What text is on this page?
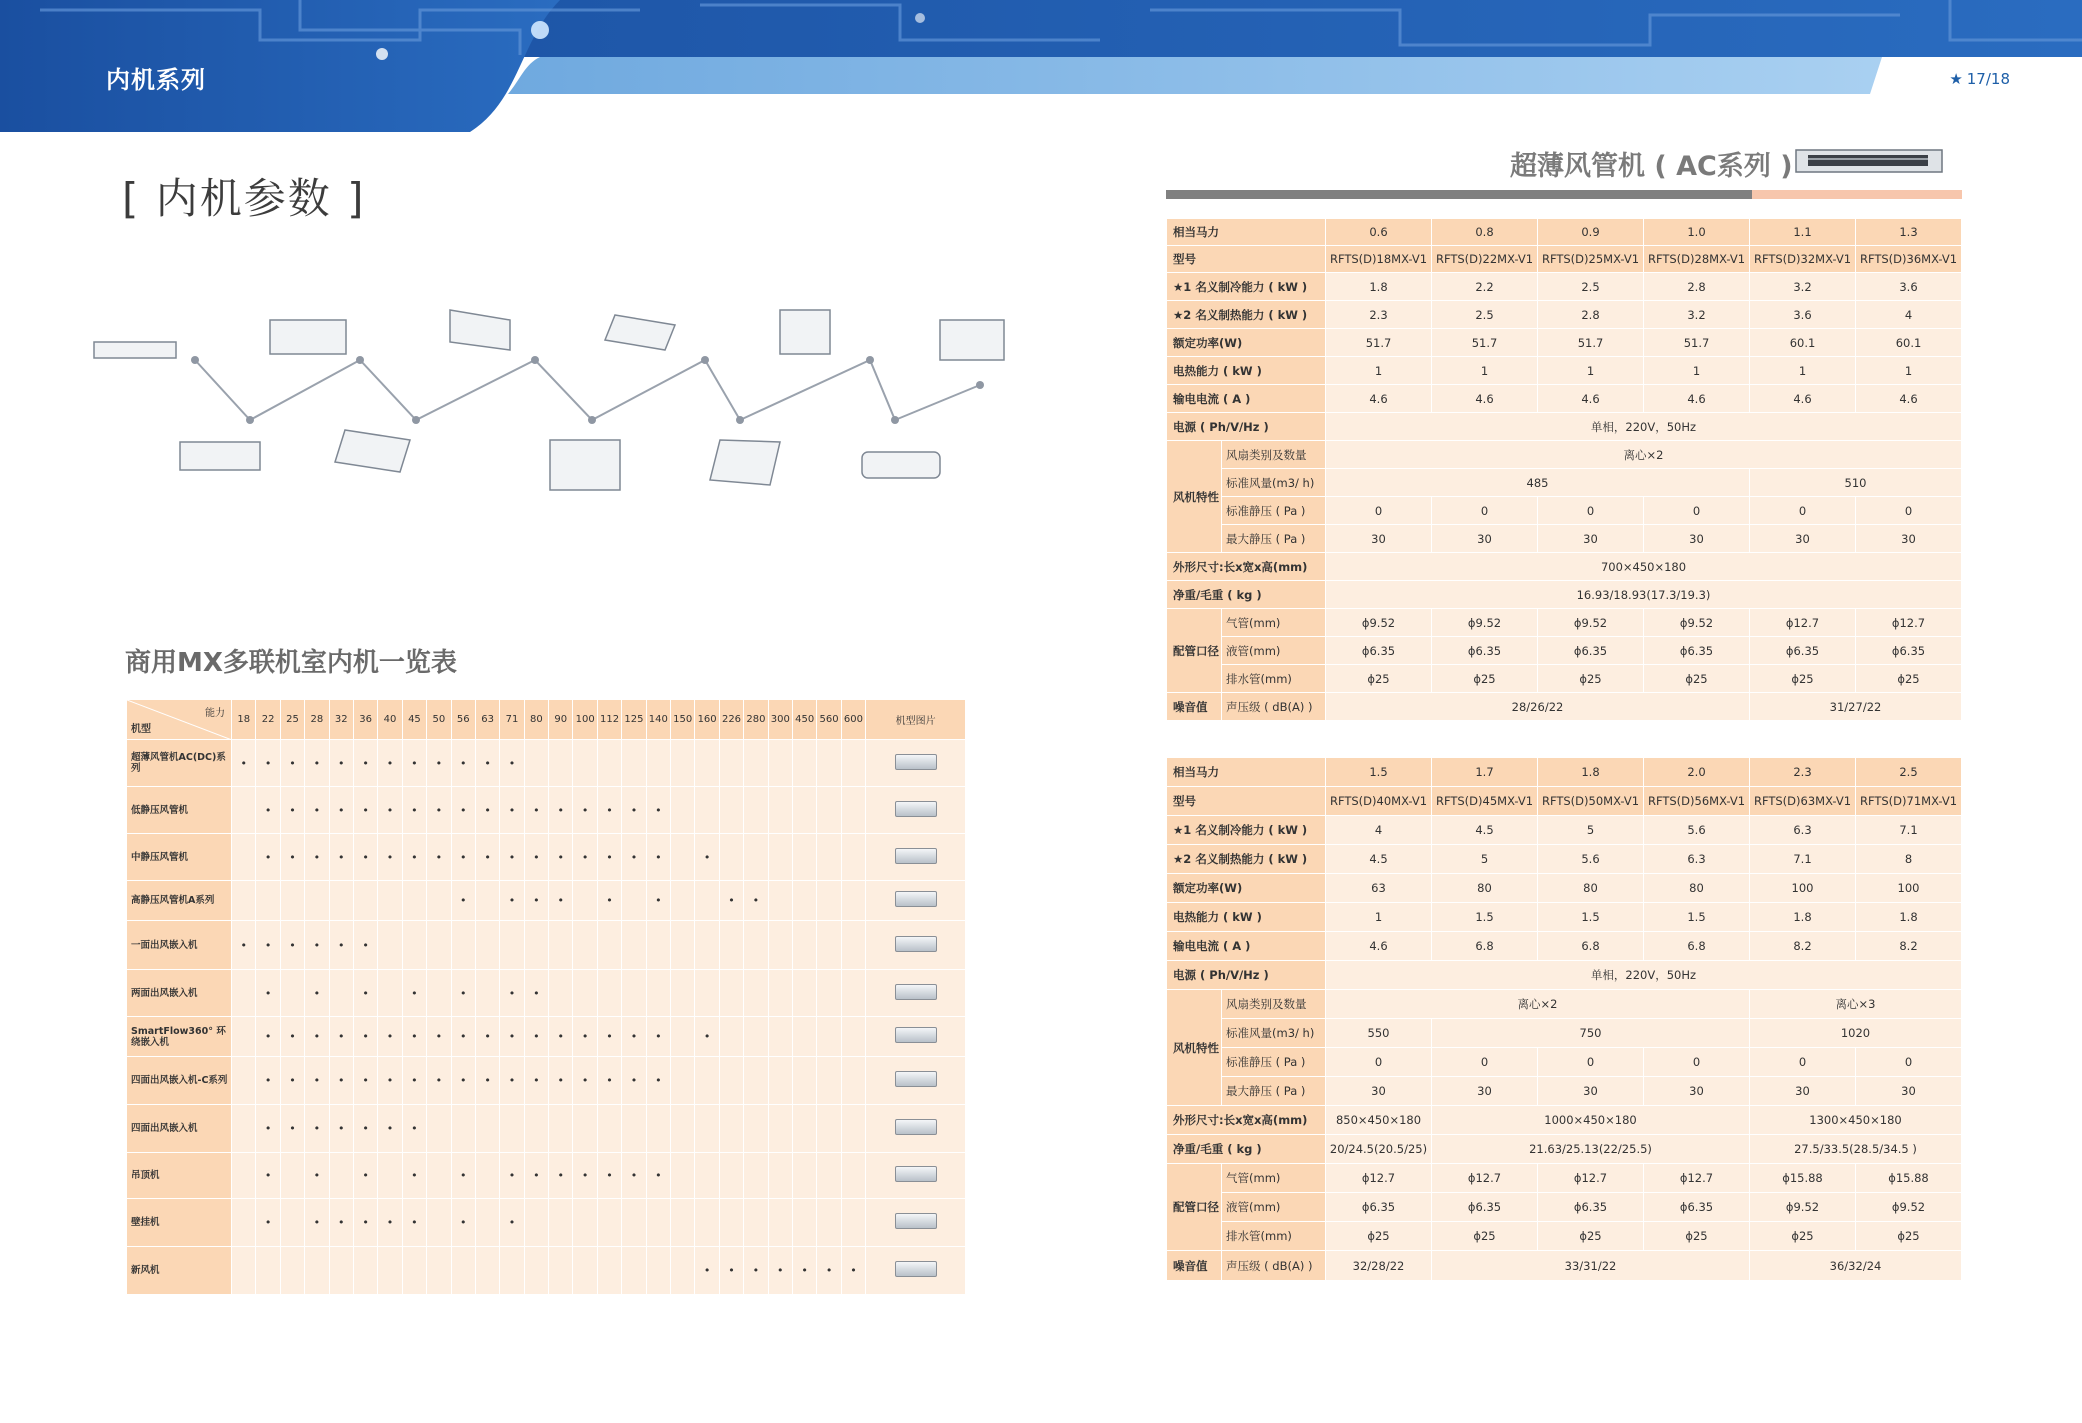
内机系列	★ 17/18
[ 内机参数 ]
商用MX多联机室内机一览表
能力
机型	18	22	25	28	32	36	40	45	50	56	63	71	80	90	100	112	125	140	150	160	226	280	300	450	560	600	机型图片
超薄风管机AC(DC)系列	•	•	•	•	•	•	•	•	•	•	•	•															
低静压风管机		•	•	•	•	•	•	•	•	•	•	•	•	•	•	•	•	•									
中静压风管机		•	•	•	•	•	•	•	•	•	•	•	•	•	•	•	•	•		•							
高静压风管机A系列										•		•	•	•		•		•			•	•					
一面出风嵌入机	•	•	•	•	•	•																					
两面出风嵌入机		•		•		•		•		•		•	•														
SmartFlow360° 环绕嵌入机		•	•	•	•	•	•	•	•	•	•	•	•	•	•	•	•	•		•							
四面出风嵌入机-C系列		•	•	•	•	•	•	•	•	•	•	•	•	•	•	•	•	•									
四面出风嵌入机		•	•	•	•	•	•	•																			
吊顶机		•		•		•		•		•		•	•	•	•	•	•	•									
壁挂机		•		•	•	•	•	•		•		•															
新风机																				•	•	•	•	•	•	•	
超薄风管机 ( AC系列 )
相当马力		0.6	0.8	0.9	1.0	1.1	1.3
型号		RFTS(D)18MX-V1	RFTS(D)22MX-V1	RFTS(D)25MX-V1	RFTS(D)28MX-V1	RFTS(D)32MX-V1	RFTS(D)36MX-V1
★1 名义制冷能力 ( kW )		1.8	2.2	2.5	2.8	3.2	3.6
★2 名义制热能力 ( kW )		2.3	2.5	2.8	3.2	3.6	4
额定功率(W)		51.7	51.7	51.7	51.7	60.1	60.1
电热能力 ( kW )		1	1	1	1	1	1
输电电流 ( A )		4.6	4.6	4.6	4.6	4.6	4.6
电源 ( Ph/V/Hz )		单相，220V，50Hz					
风机特性	风扇类别及数量	离心×2					
	标准风量(m3/ h)	485				510	
	标准静压 ( Pa )	0	0	0	0	0	0
	最大静压 ( Pa )	30	30	30	30	30	30
外形尺寸:长x宽x高(mm)		700×450×180					
净重/毛重 ( kg )		16.93/18.93(17.3/19.3)					
配管口径	气管(mm)	ϕ9.52	ϕ9.52	ϕ9.52	ϕ9.52	ϕ12.7	ϕ12.7
	液管(mm)	ϕ6.35	ϕ6.35	ϕ6.35	ϕ6.35	ϕ6.35	ϕ6.35
	排水管(mm)	ϕ25	ϕ25	ϕ25	ϕ25	ϕ25	ϕ25
噪音值	声压级 ( dB(A) )	28/26/22				31/27/22	
相当马力		1.5	1.7	1.8	2.0	2.3	2.5
型号		RFTS(D)40MX-V1	RFTS(D)45MX-V1	RFTS(D)50MX-V1	RFTS(D)56MX-V1	RFTS(D)63MX-V1	RFTS(D)71MX-V1
★1 名义制冷能力 ( kW )		4	4.5	5	5.6	6.3	7.1
★2 名义制热能力 ( kW )		4.5	5	5.6	6.3	7.1	8
额定功率(W)		63	80	80	80	100	100
电热能力 ( kW )		1	1.5	1.5	1.5	1.8	1.8
输电电流 ( A )		4.6	6.8	6.8	6.8	8.2	8.2
电源 ( Ph/V/Hz )		单相，220V，50Hz					
风机特性	风扇类别及数量	离心×2				离心×3	
	标准风量(m3/ h)	550	750			1020	
	标准静压 ( Pa )	0	0	0	0	0	0
	最大静压 ( Pa )	30	30	30	30	30	30
外形尺寸:长x宽x高(mm)		850×450×180	1000×450×180			1300×450×180	
净重/毛重 ( kg )		20/24.5(20.5/25)	21.63/25.13(22/25.5)			27.5/33.5(28.5/34.5 )	
配管口径	气管(mm)	ϕ12.7	ϕ12.7	ϕ12.7	ϕ12.7	ϕ15.88	ϕ15.88
	液管(mm)	ϕ6.35	ϕ6.35	ϕ6.35	ϕ6.35	ϕ9.52	ϕ9.52
	排水管(mm)	ϕ25	ϕ25	ϕ25	ϕ25	ϕ25	ϕ25
噪音值	声压级 ( dB(A) )	32/28/22	33/31/22			36/32/24	
